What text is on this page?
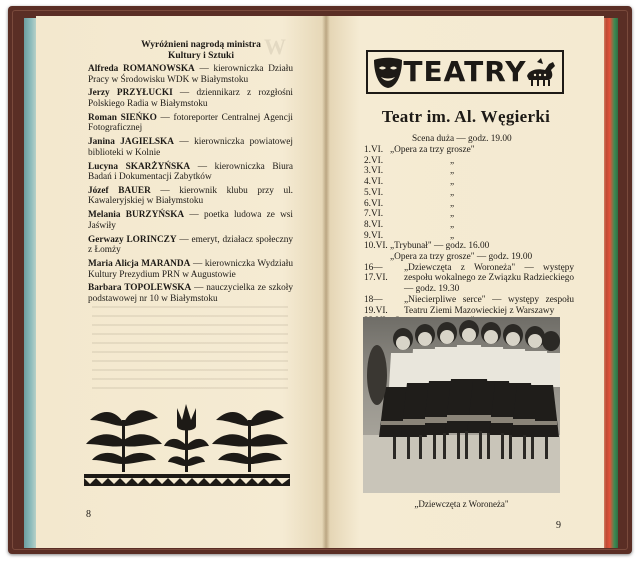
W
Wyróżnieni nagrodą ministra
Kultury i Sztuki
Alfreda ROMANOWSKA — kierowniczka Działu Pracy w Środowisku WDK w Białymstoku
Jerzy PRZYŁUCKI — dziennikarz z rozgłośni Polskiego Radia w Białymstoku
Roman SIEŃKO — fotoreporter Centralnej Agencji Fotograficznej
Janina JAGIELSKA — kierowniczka powiatowej biblioteki w Kolnie
Lucyna SKARŻYŃSKA — kierowniczka Biura Badań i Dokumentacji Zabytków
Józef BAUER — kierownik klubu przy ul. Kawaleryjskiej w Białymstoku
Melania BURZYŃSKA — poetka ludowa ze wsi Jaświły
Gerwazy LORINCZY — emeryt, działacz społeczny z Łomży
Maria Alicja MARANDA — kierowniczka Wydziału Kultury Prezydium PRN w Augustowie
Barbara TOPOLEWSKA — nauczycielka ze szkoły podstawowej nr 10 w Białymstoku
8
TEATRY
Teatr im. Al. Węgierki
Scena duża — godz. 19.00
1.VI. „Opera za trzy grosze"
2.VI.	„
3.VI.	„
4.VI.	„
5.VI.	„
6.VI.	„
7.VI.	„
8.VI.	„
9.VI.	„
10.VI. „Trybunał" — godz. 16.00
„Opera za trzy grosze" — godz. 19.00
16—17.VI.
„Dziewczęta z Woroneża" — występy zespołu wokalnego ze Związku Radzieckiego — godz. 19.30
18—19.VI.
„Niecierpliwe serce" — występy zespołu Teatru Ziemi Mazowieckiej z Warszawy
„Dziewczęta z Woroneża"
9
